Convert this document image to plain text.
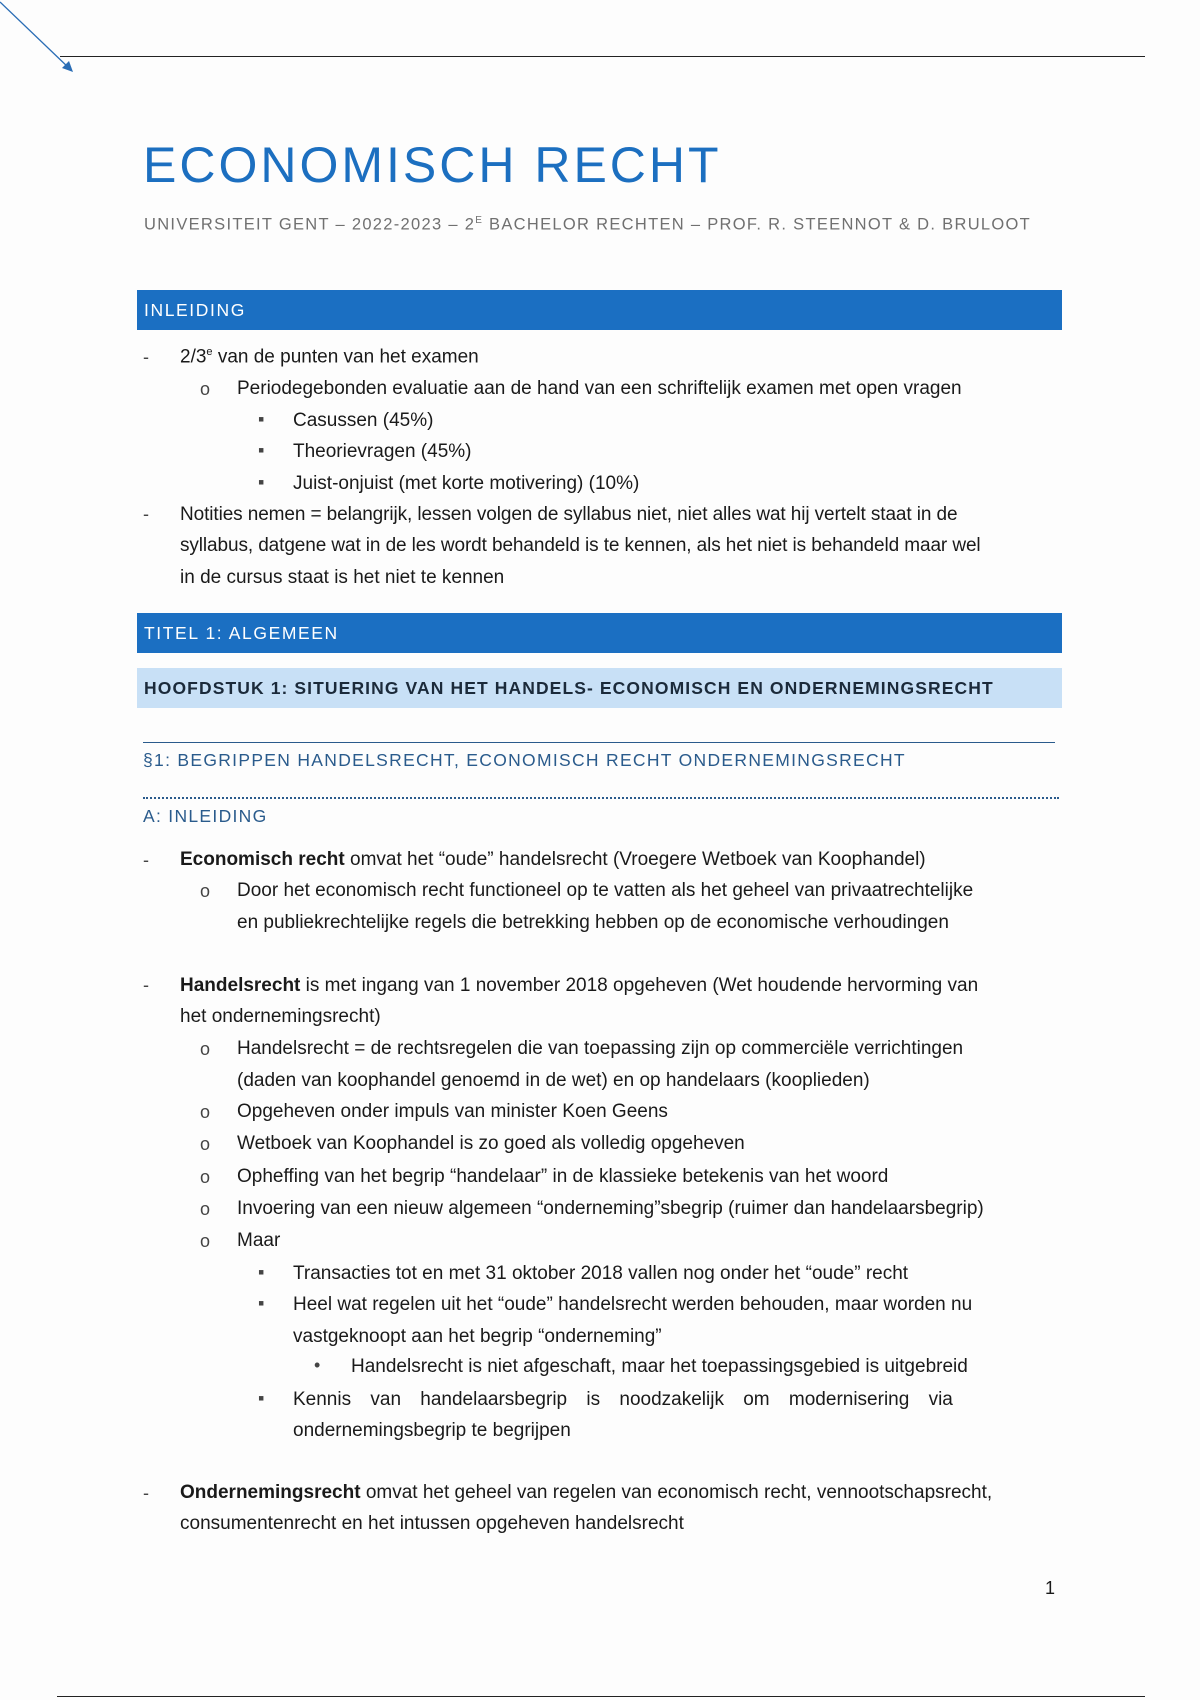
ECONOMISCH RECHT
UNIVERSITEIT GENT – $2022-2023 - 2^E$ BACHELOR RECHTEN – PROF. R. STEENNOT & D. BRULOOT
INLEIDING
- 2/3e van de punten van het examen
o Periodegebonden evaluatie aan de hand van een schriftelijk examen met open vragen
▪ Casussen (45%)
▪ Theorievragen (45%)
▪ Juist-onjuist (met korte motivering) (10%)
- Notities nemen = belangrijk, lessen volgen de syllabus niet, niet alles wat hij vertelt staat in de
syllabus, datgene wat in de les wordt behandeld is te kennen, als het niet is behandeld maar wel
in de cursus staat is het niet te kennen
TITEL 1: ALGEMEEN
HOOFDSTUK 1: SITUERING VAN HET HANDELS- ECONOMISCH EN ONDERNEMINGSRECHT
§1: BEGRIPPEN HANDELSRECHT, ECONOMISCH RECHT ONDERNEMINGSRECHT
A: INLEIDING
- Economisch recht omvat het “oude” handelsrecht (Vroegere Wetboek van Koophandel)
o Door het economisch recht functioneel op te vatten als het geheel van privaatrechtelijke
en publiekrechtelijke regels die betrekking hebben op de economische verhoudingen
- Handelsrecht is met ingang van 1 november 2018 opgeheven (Wet houdende hervorming van
het ondernemingsrecht)
o Handelsrecht = de rechtsregelen die van toepassing zijn op commerciële verrichtingen
(daden van koophandel genoemd in de wet) en op handelaars (kooplieden)
o Opgeheven onder impuls van minister Koen Geens
o Wetboek van Koophandel is zo goed als volledig opgeheven
o Opheffing van het begrip “handelaar” in de klassieke betekenis van het woord
o Invoering van een nieuw algemeen “onderneming”sbegrip (ruimer dan handelaarsbegrip)
o Maar
▪ Transacties tot en met 31 oktober 2018 vallen nog onder het “oude” recht
▪ Heel wat regelen uit het “oude” handelsrecht werden behouden, maar worden nu
vastgeknoopt aan het begrip “onderneming”
• Handelsrecht is niet afgeschaft, maar het toepassingsgebied is uitgebreid
▪ Kennis van handelaarsbegrip is noodzakelijk om modernisering via
ondernemingsbegrip te begrijpen
- Ondernemingsrecht omvat het geheel van regelen van economisch recht, vennootschapsrecht,
consumentenrecht en het intussen opgeheven handelsrecht
1
